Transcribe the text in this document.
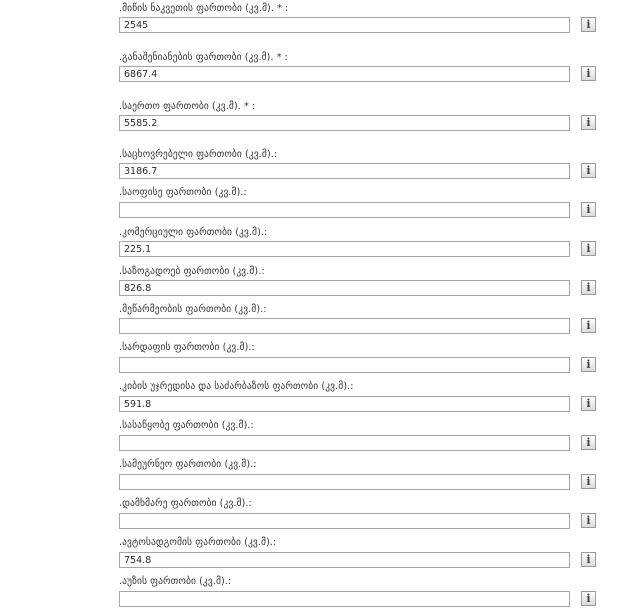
.მიწის ნაკვეთის ფართობი (კვ.მ). * :
2545
i
.განაშენიანების ფართობი (კვ.მ). * :
6867.4
i
.საერთო ფართობი (კვ.მ). * :
5585.2
i
.საცხოვრებელი ფართობი (კვ.მ).:
3186.7
i
.საოფისე ფართობი (კვ.მ).:
i
.კომერციული ფართობი (კვ.მ).:
225.1
i
.საზოგადოებ ფართობი (კვ.მ).:
826.8
i
.მეწარმეობის ფართობი (კვ.მ).:
i
.სარდაფის ფართობი (კვ.მ).:
i
.კიბის უჯრედისა და საძარბაზოს ფართობი (კვ.მ).:
591.8
i
.სასაწყობე ფართობი (კვ.მ).:
i
.სამეურნეო ფართობი (კვ.მ).:
i
.დამხმარე ფართობი (კვ.მ).:
i
.ავტოსადგომის ფართობი (კვ.მ).:
754.8
i
.აუზის ფართობი (კვ.მ).:
i
